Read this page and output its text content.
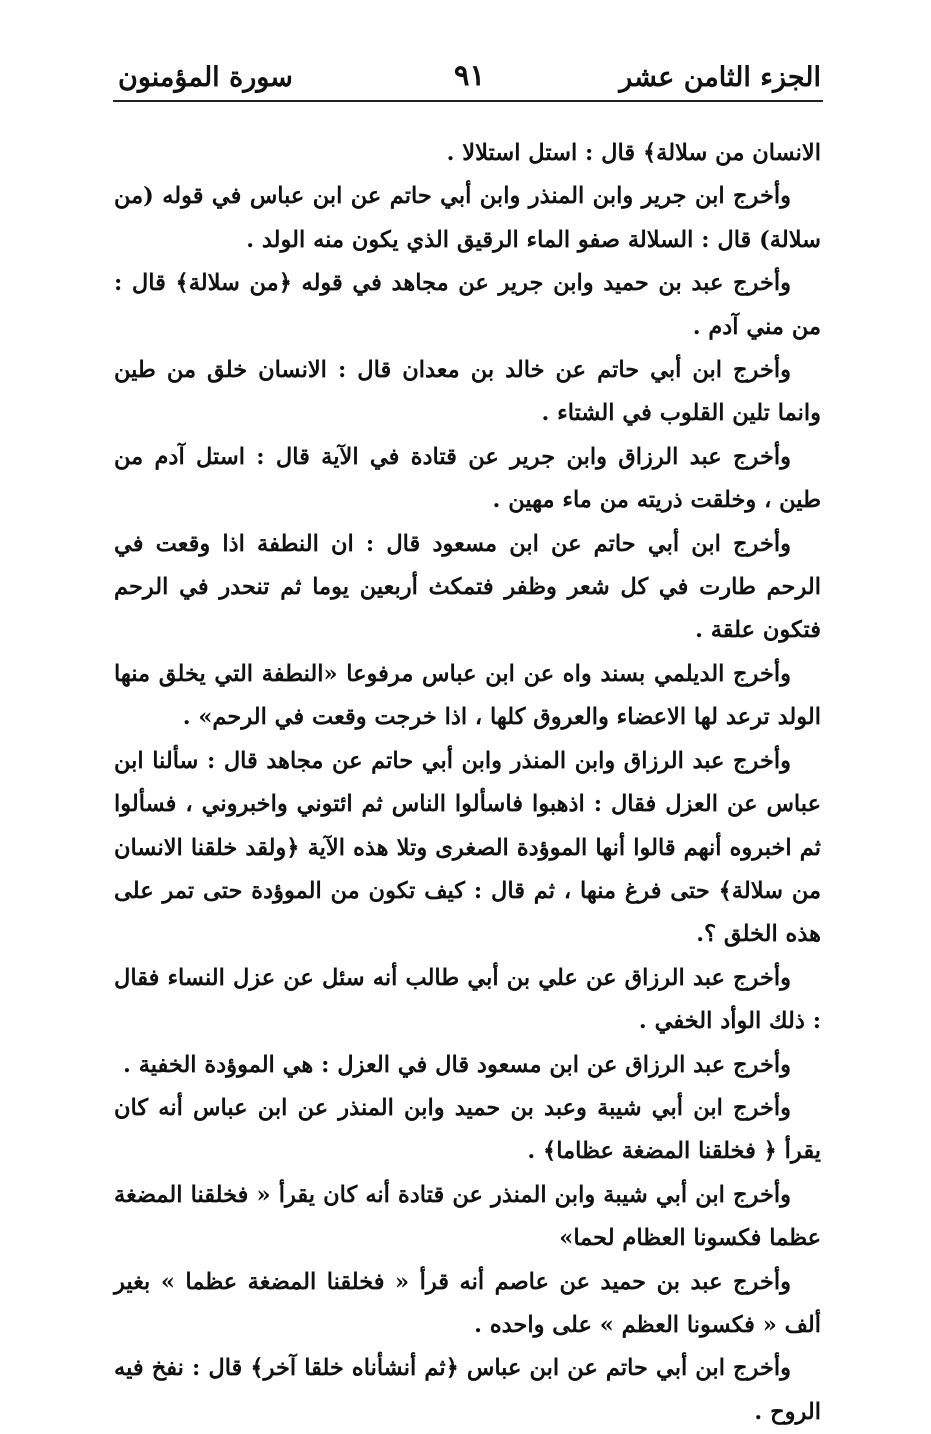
الجزء الثامن عشر
٩١
سورة المؤمنون

الانسان من سلالة﴾ قال : استل استلالا .

وأخرج ابن جرير وابن المنذر وابن أبي حاتم عن ابن عباس في قوله (من سلالة) قال : السلالة صفو الماء الرقيق الذي يكون منه الولد .

وأخرج عبد بن حميد وابن جرير عن مجاهد في قوله ﴿من سلالة﴾ قال : من مني آدم .

وأخرج ابن أبي حاتم عن خالد بن معدان قال : الانسان خلق من طين وانما تلين القلوب في الشتاء .

وأخرج عبد الرزاق وابن جرير عن قتادة في الآية قال : استل آدم من طين ، وخلقت ذريته من ماء مهين .

وأخرج ابن أبي حاتم عن ابن مسعود قال : ان النطفة اذا وقعت في الرحم طارت في كل شعر وظفر فتمكث أربعين يوما ثم تنحدر في الرحم فتكون علقة .

وأخرج الديلمي بسند واه عن ابن عباس مرفوعا «النطفة التي يخلق منها الولد ترعد لها الاعضاء والعروق كلها ، اذا خرجت وقعت في الرحم» .

وأخرج عبد الرزاق وابن المنذر وابن أبي حاتم عن مجاهد قال : سألنا ابن عباس عن العزل فقال : اذهبوا فاسألوا الناس ثم ائتوني واخبروني ، فسألوا ثم اخبروه أنهم قالوا أنها الموؤدة الصغرى وتلا هذه الآية ﴿ولقد خلقنا الانسان من سلالة﴾ حتى فرغ منها ، ثم قال : كيف تكون من الموؤدة حتى تمر على هذه الخلق ؟.

وأخرج عبد الرزاق عن علي بن أبي طالب أنه سئل عن عزل النساء فقال : ذلك الوأد الخفي .

وأخرج عبد الرزاق عن ابن مسعود قال في العزل : هي الموؤدة الخفية .

وأخرج ابن أبي شيبة وعبد بن حميد وابن المنذر عن ابن عباس أنه كان يقرأ ﴿ فخلقنا المضغة عظاما﴾ .

وأخرج ابن أبي شيبة وابن المنذر عن قتادة أنه كان يقرأ « فخلقنا المضغة عظما فكسونا العظام لحما»

وأخرج عبد بن حميد عن عاصم أنه قرأ « فخلقنا المضغة عظما » بغير ألف « فكسونا العظم » على واحده .

وأخرج ابن أبي حاتم عن ابن عباس ﴿ثم أنشأناه خلقا آخر﴾ قال : نفخ فيه الروح .
